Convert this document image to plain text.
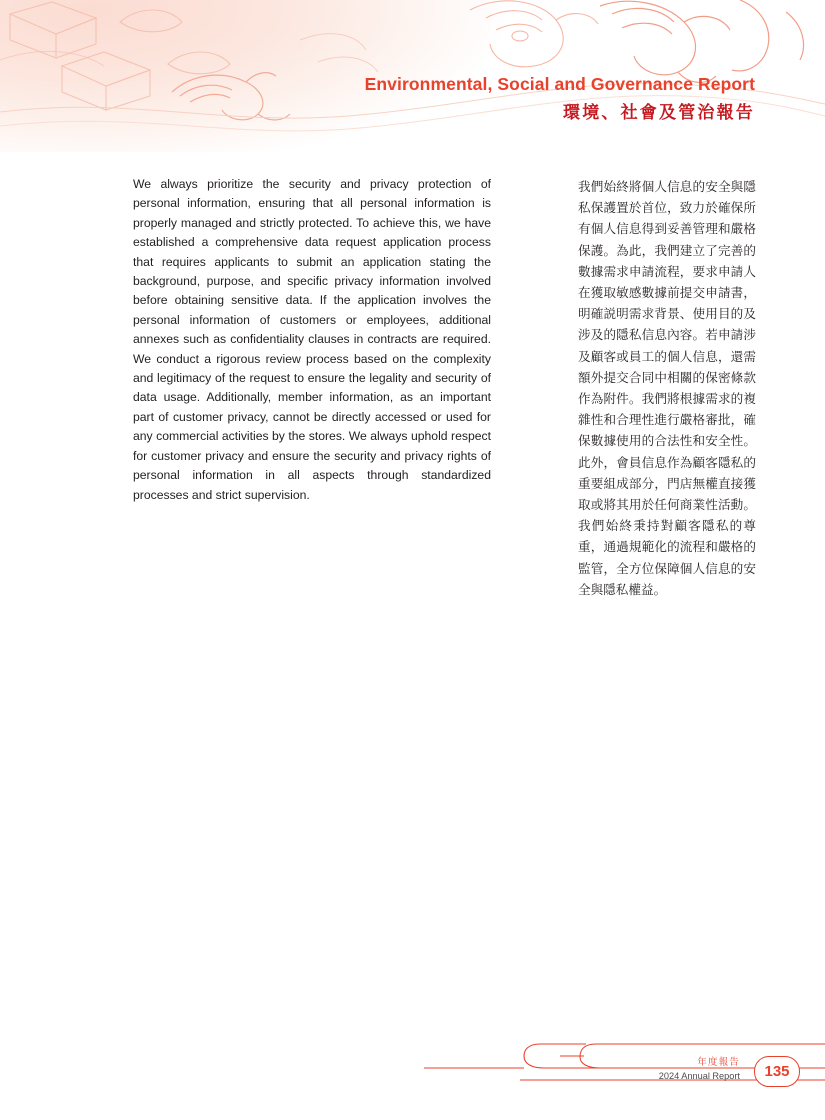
Environmental, Social and Governance Report
環境、社會及管治報告

We always prioritize the security and privacy protection of personal information, ensuring that all personal information is properly managed and strictly protected. To achieve this, we have established a comprehensive data request application process that requires applicants to submit an application stating the background, purpose, and specific privacy information involved before obtaining sensitive data. If the application involves the personal information of customers or employees, additional annexes such as confidentiality clauses in contracts are required. We conduct a rigorous review process based on the complexity and legitimacy of the request to ensure the legality and security of data usage. Additionally, member information, as an important part of customer privacy, cannot be directly accessed or used for any commercial activities by the stores. We always uphold respect for customer privacy and ensure the security and privacy rights of personal information in all aspects through standardized processes and strict supervision.

我們始終將個人信息的安全與隱私保護置於首位，致力於確保所有個人信息得到妥善管理和嚴格保護。為此，我們建立了完善的數據需求申請流程，要求申請人在獲取敏感數據前提交申請書，明確説明需求背景、使用目的及涉及的隱私信息內容。若申請涉及顧客或員工的個人信息，還需額外提交合同中相關的保密條款作為附件。我們將根據需求的複雜性和合理性進行嚴格審批，確保數據使用的合法性和安全性。此外，會員信息作為顧客隱私的重要組成部分，門店無權直接獲取或將其用於任何商業性活動。我們始終秉持對顧客隱私的尊重，通過規範化的流程和嚴格的監管，全方位保障個人信息的安全與隱私權益。

年度報告
2024 Annual Report	135
